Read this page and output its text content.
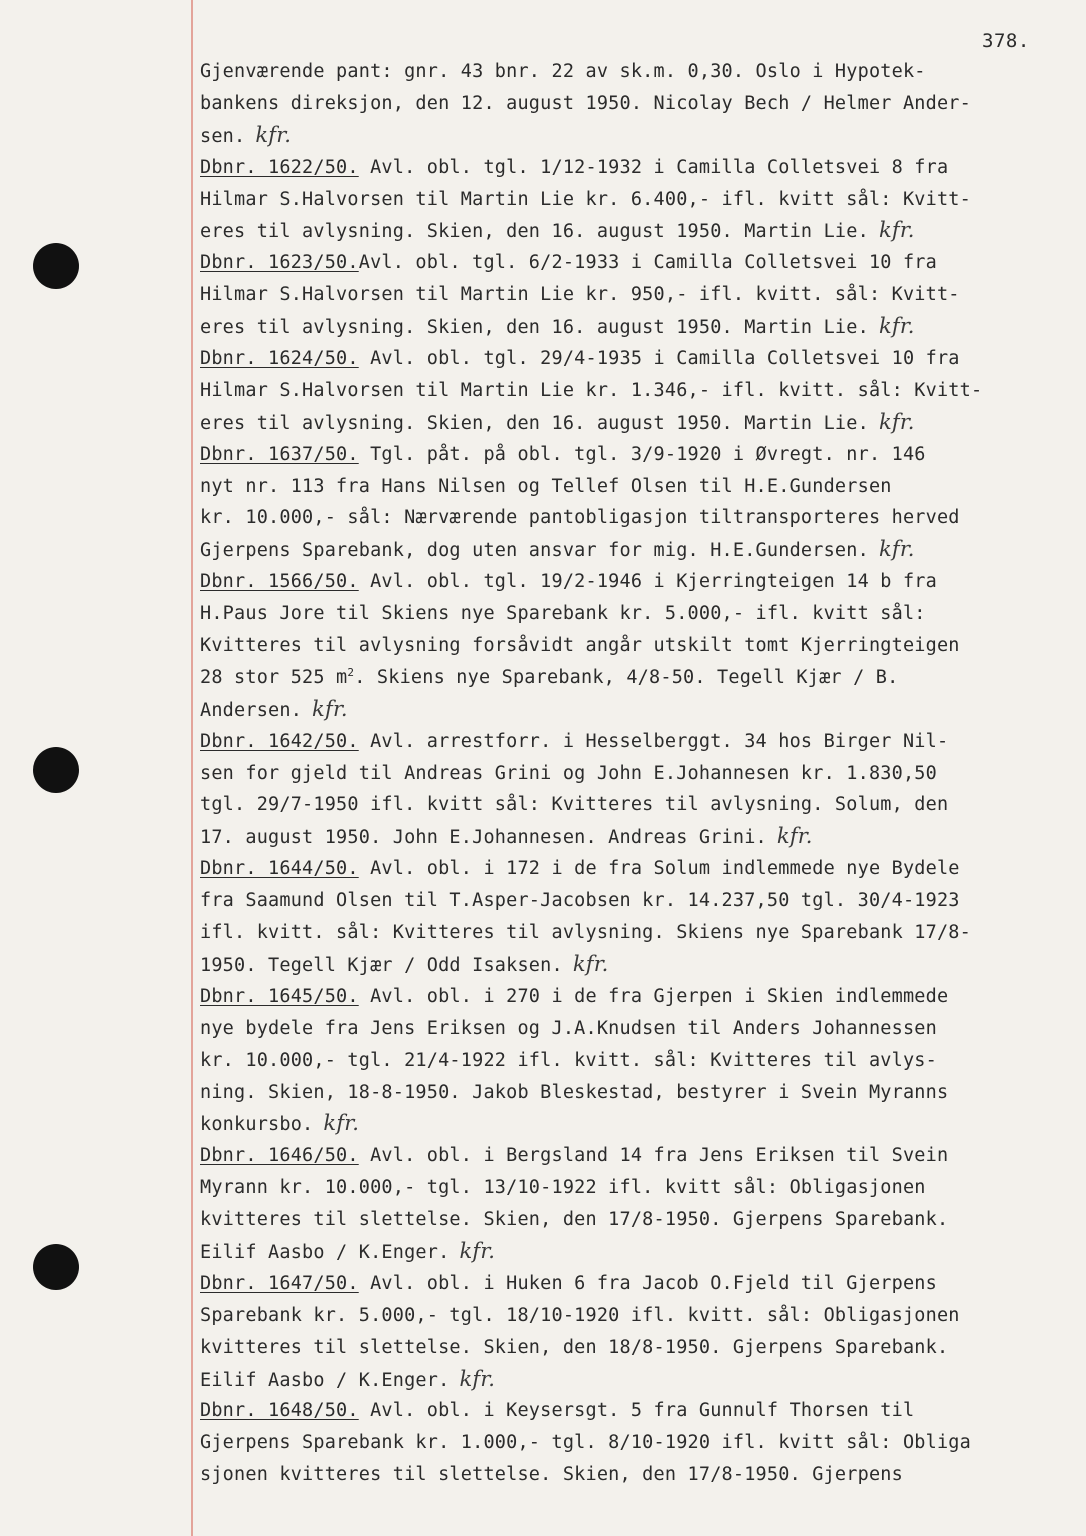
378.
Gjenværende pant: gnr. 43 bnr. 22 av sk.m. 0,30. Oslo i Hypotek-
bankens direksjon, den 12. august 1950. Nicolay Bech / Helmer Ander-
sen. kfr.
Dbnr. 1622/50. Avl. obl. tgl. 1/12-1932 i Camilla Colletsvei 8 fra
Hilmar S.Halvorsen til Martin Lie kr. 6.400,- ifl. kvitt sål: Kvitt-
eres til avlysning. Skien, den 16. august 1950. Martin Lie. kfr.
Dbnr. 1623/50.Avl. obl. tgl. 6/2-1933 i Camilla Colletsvei 10 fra
Hilmar S.Halvorsen til Martin Lie kr. 950,- ifl. kvitt. sål: Kvitt-
eres til avlysning. Skien, den 16. august 1950. Martin Lie. kfr.
Dbnr. 1624/50. Avl. obl. tgl. 29/4-1935 i Camilla Colletsvei 10 fra
Hilmar S.Halvorsen til Martin Lie kr. 1.346,- ifl. kvitt. sål: Kvitt-
eres til avlysning. Skien, den 16. august 1950. Martin Lie. kfr.
Dbnr. 1637/50. Tgl. påt. på obl. tgl. 3/9-1920 i Øvregt. nr. 146
nyt nr. 113 fra Hans Nilsen og Tellef Olsen til H.E.Gundersen
kr. 10.000,- sål: Nærværende pantobligasjon tiltransporteres herved
Gjerpens Sparebank, dog uten ansvar for mig. H.E.Gundersen. kfr.
Dbnr. 1566/50. Avl. obl. tgl. 19/2-1946 i Kjerringteigen 14 b fra
H.Paus Jore til Skiens nye Sparebank kr. 5.000,- ifl. kvitt sål:
Kvitteres til avlysning forsåvidt angår utskilt tomt Kjerringteigen
28 stor 525 $m^2$. Skiens nye Sparebank, 4/8-50. Tegell Kjær / B.
Andersen. kfr.
Dbnr. 1642/50. Avl. arrestforr. i Hesselberggt. 34 hos Birger Nil-
sen for gjeld til Andreas Grini og John E.Johannesen kr. 1.830,50
tgl. 29/7-1950 ifl. kvitt sål: Kvitteres til avlysning. Solum, den
17. august 1950. John E.Johannesen. Andreas Grini. kfr.
Dbnr. 1644/50. Avl. obl. i 172 i de fra Solum indlemmede nye Bydele
fra Saamund Olsen til T.Asper-Jacobsen kr. 14.237,50 tgl. 30/4-1923
ifl. kvitt. sål: Kvitteres til avlysning. Skiens nye Sparebank 17/8-
1950. Tegell Kjær / Odd Isaksen. kfr.
Dbnr. 1645/50. Avl. obl. i 270 i de fra Gjerpen i Skien indlemmede
nye bydele fra Jens Eriksen og J.A.Knudsen til Anders Johannessen
kr. 10.000,- tgl. 21/4-1922 ifl. kvitt. sål: Kvitteres til avlys-
ning. Skien, 18-8-1950. Jakob Bleskestad, bestyrer i Svein Myranns
konkursbo. kfr.
Dbnr. 1646/50. Avl. obl. i Bergsland 14 fra Jens Eriksen til Svein
Myrann kr. 10.000,- tgl. 13/10-1922 ifl. kvitt sål: Obligasjonen
kvitteres til slettelse. Skien, den 17/8-1950. Gjerpens Sparebank.
Eilif Aasbo / K.Enger. kfr.
Dbnr. 1647/50. Avl. obl. i Huken 6 fra Jacob O.Fjeld til Gjerpens
Sparebank kr. 5.000,- tgl. 18/10-1920 ifl. kvitt. sål: Obligasjonen
kvitteres til slettelse. Skien, den 18/8-1950. Gjerpens Sparebank.
Eilif Aasbo / K.Enger. kfr.
Dbnr. 1648/50. Avl. obl. i Keysersgt. 5 fra Gunnulf Thorsen til
Gjerpens Sparebank kr. 1.000,- tgl. 8/10-1920 ifl. kvitt sål: Obliga
sjonen kvitteres til slettelse. Skien, den 17/8-1950. Gjerpens
